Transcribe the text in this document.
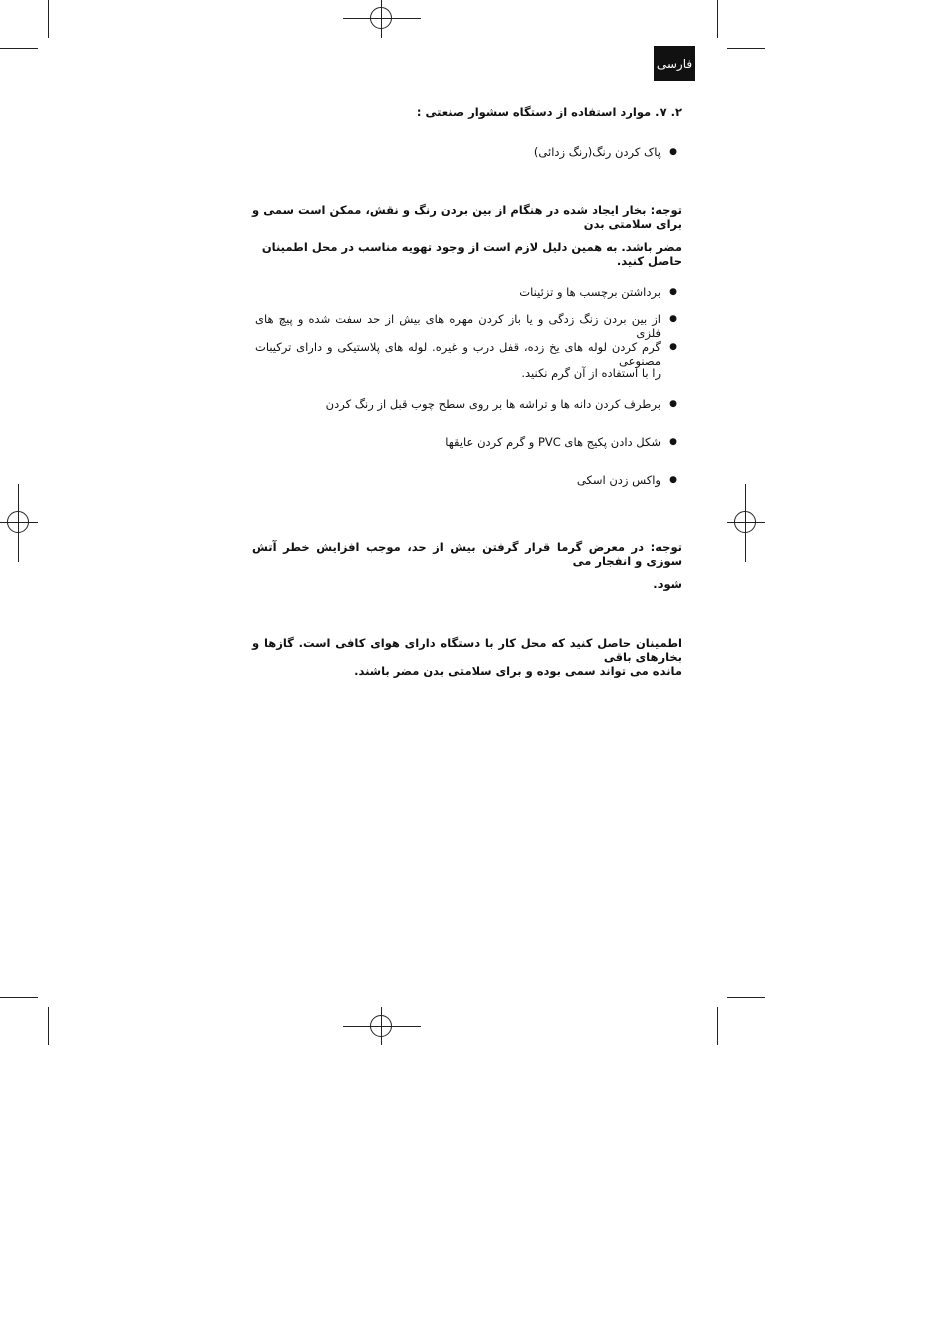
فارسی
۲. ۷. موارد استفاده از دستگاه سشوار صنعتی :
●
پاک کردن رنگ(رنگ زدائی)
توجه: بخار ایجاد شده در هنگام از بین بردن رنگ و نقش، ممکن است سمی و برای سلامتی بدن
مضر باشد. به همین دلیل لازم است از وجود تهویه مناسب در محل اطمینان حاصل کنید.
●
برداشتن برچسب ها و تزئینات
●
از بین بردن زنگ زدگی و یا باز کردن مهره های بیش از حد سفت شده و پیچ های فلزی
●
گرم کردن لوله های یخ زده، قفل درب و غیره. لوله های پلاستیکی و دارای ترکیبات مصنوعی
را با استفاده از آن گرم نکنید.
●
برطرف کردن دانه ها و تراشه ها بر روی سطح چوب قبل از رنگ کردن
●
شکل دادن پکیج های PVC و گرم کردن عایقها
●
واکس زدن اسکی
توجه: در معرض گرما قرار گرفتن بیش از حد، موجب افزایش خطر آتش سوزی و انفجار می
شود.
اطمینان حاصل کنید که محل کار با دستگاه دارای هوای کافی است. گازها و بخارهای باقی
مانده می تواند سمی بوده و برای سلامتی بدن مضر باشند.
